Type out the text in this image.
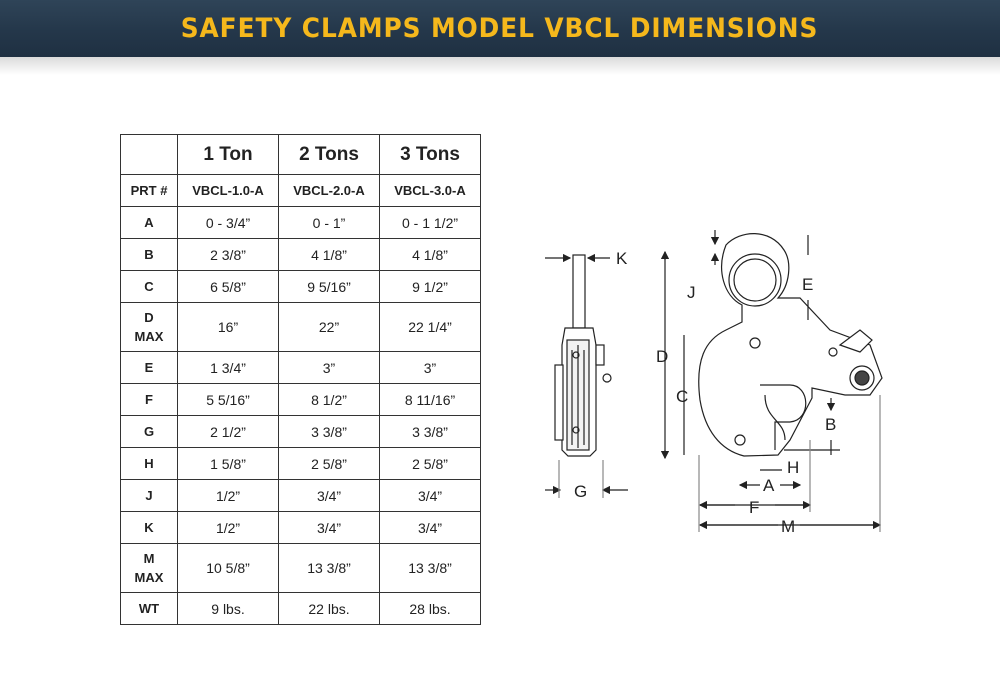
SAFETY CLAMPS MODEL VBCL DIMENSIONS
	1 Ton	2 Tons	3 Tons
PRT #	VBCL-1.0-A	VBCL-2.0-A	VBCL-3.0-A
A	0 - 3/4”	0 - 1”	0 - 1 1/2”
B	2 3/8”	4 1/8”	4 1/8”
C	6 5/8”	9 5/16”	9 1/2”

D
MAX	16”	22”	22 1/4”
E	1 3/4”	3”	3”
F	5 5/16”	8 1/2”	8 11/16”
G	2 1/2”	3 3/8”	3 3/8”
H	1 5/8”	2 5/8”	2 5/8”
J	1/2”	3/4”	3/4”
K	1/2”	3/4”	3/4”

M
MAX	10 5/8”	13 3/8”	13 3/8”
WT	9 lbs.	22 lbs.	28 lbs.
K
G
J	E
D
C
B
H
A
F
M
